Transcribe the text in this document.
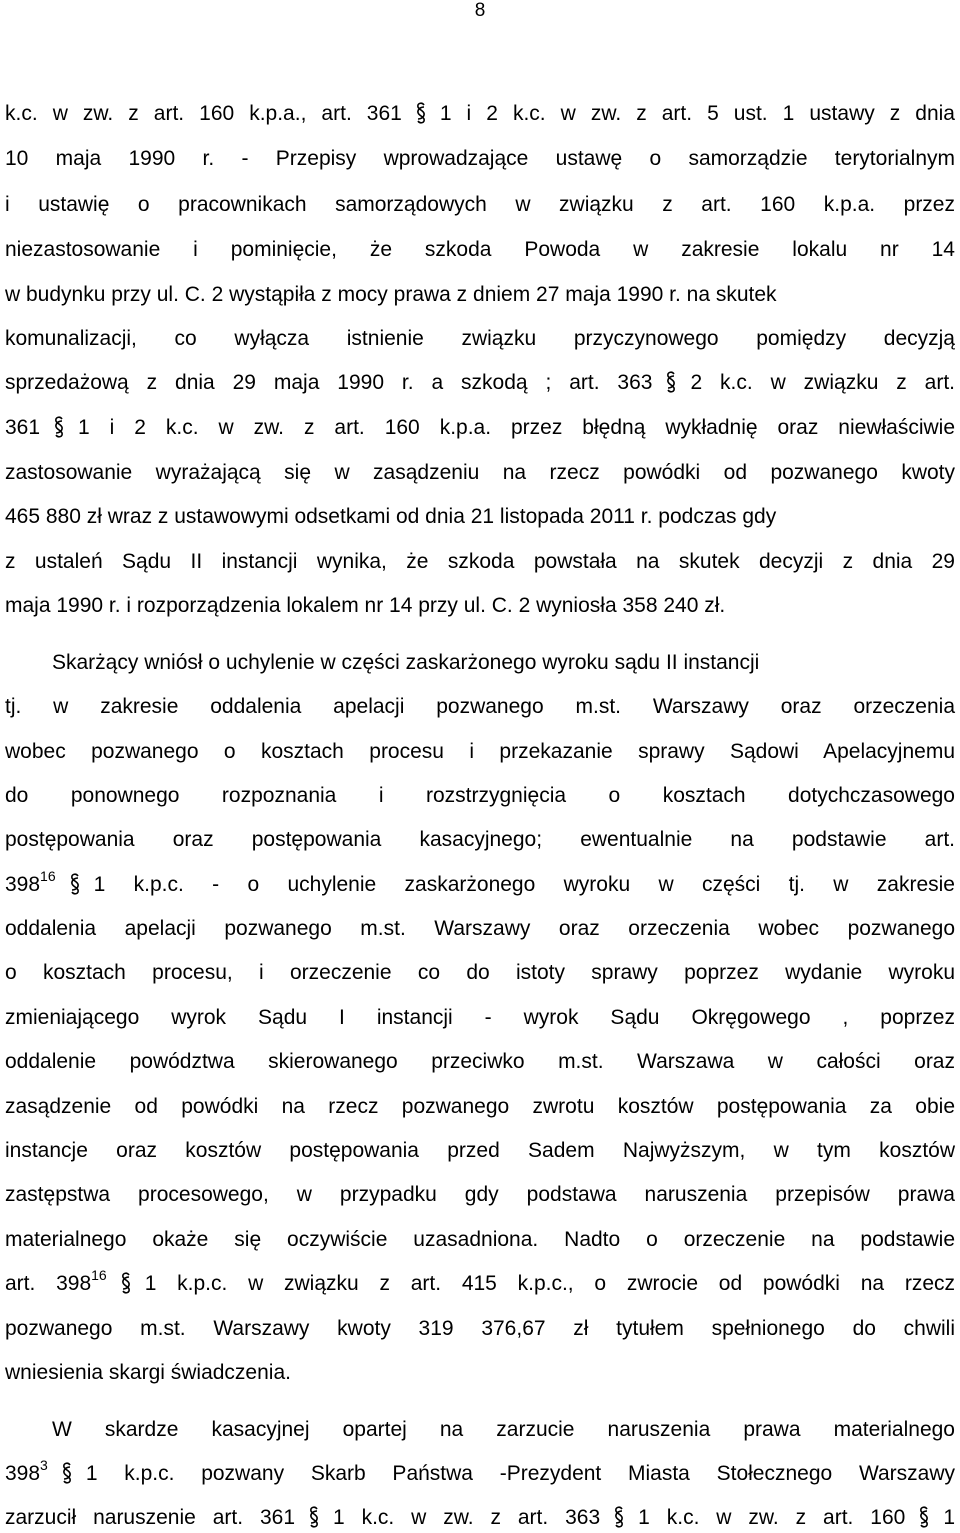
8
k.c. w zw. z art. 160 k.p.a., art. 361 1 i 2 k.c. w zw. z art. 5 ust. 1 ustawy z dnia
10 maja 1990 r. - Przepisy wprowadzające ustawę o samorządzie terytorialnym
i ustawię o pracownikach samorządowych w związku z art. 160 k.p.a. przez
niezastosowanie i pominięcie, że szkoda Powoda w zakresie lokalu nr 14
w budynku przy ul. C. 2 wystąpiła z mocy prawa z dniem 27 maja 1990 r. na skutek
komunalizacji, co wyłącza istnienie związku przyczynowego pomiędzy decyzją
sprzedażową z dnia 29 maja 1990 r. a szkodą ; art. 363 2 k.c. w związku z art.
361 1 i 2 k.c. w zw. z art. 160 k.p.a. przez błędną wykładnię oraz niewłaściwie
zastosowanie wyrażającą się w zasądzeniu na rzecz powódki od pozwanego kwoty
465 880 zł wraz z ustawowymi odsetkami od dnia 21 listopada 2011 r. podczas gdy
z ustaleń Sądu II instancji wynika, że szkoda powstała na skutek decyzji z dnia 29
maja 1990 r. i rozporządzenia lokalem nr 14 przy ul. C. 2 wyniosła 358 240 zł.
Skarżący wniósł o uchylenie w części zaskarżonego wyroku sądu II instancji
tj. w zakresie oddalenia apelacji pozwanego m.st. Warszawy oraz orzeczenia
wobec pozwanego o kosztach procesu i przekazanie sprawy Sądowi Apelacyjnemu
do ponownego rozpoznania i rozstrzygnięcia o kosztach dotychczasowego
postępowania oraz postępowania kasacyjnego; ewentualnie na podstawie art.
$398^{16}$ 1 k.p.c. - o uchylenie zaskarżonego wyroku w części tj. w zakresie
oddalenia apelacji pozwanego m.st. Warszawy oraz orzeczenia wobec pozwanego
o kosztach procesu, i orzeczenie co do istoty sprawy poprzez wydanie wyroku
zmieniającego wyrok Sądu I instancji - wyrok Sądu Okręgowego , poprzez
oddalenie powództwa skierowanego przeciwko m.st. Warszawa w całości oraz
zasądzenie od powódki na rzecz pozwanego zwrotu kosztów postępowania za obie
instancje oraz kosztów postępowania przed Sadem Najwyższym, w tym kosztów
zastępstwa procesowego, w przypadku gdy podstawa naruszenia przepisów prawa
materialnego okaże się oczywiście uzasadniona. Nadto o orzeczenie na podstawie
art. $398^{16}$ 1 k.p.c. w związku z art. 415 k.p.c., o zwrocie od powódki na rzecz
pozwanego m.st. Warszawy kwoty 319 376,67 zł tytułem spełnionego do chwili
wniesienia skargi świadczenia.
W skardze kasacyjnej opartej na zarzucie naruszenia prawa materialnego
$398^3$ 1 k.p.c. pozwany Skarb Państwa -Prezydent Miasta Stołecznego Warszawy
zarzucił naruszenie art. 361 1 k.c. w zw. z art. 363 1 k.c. w zw. z art. 160 1
